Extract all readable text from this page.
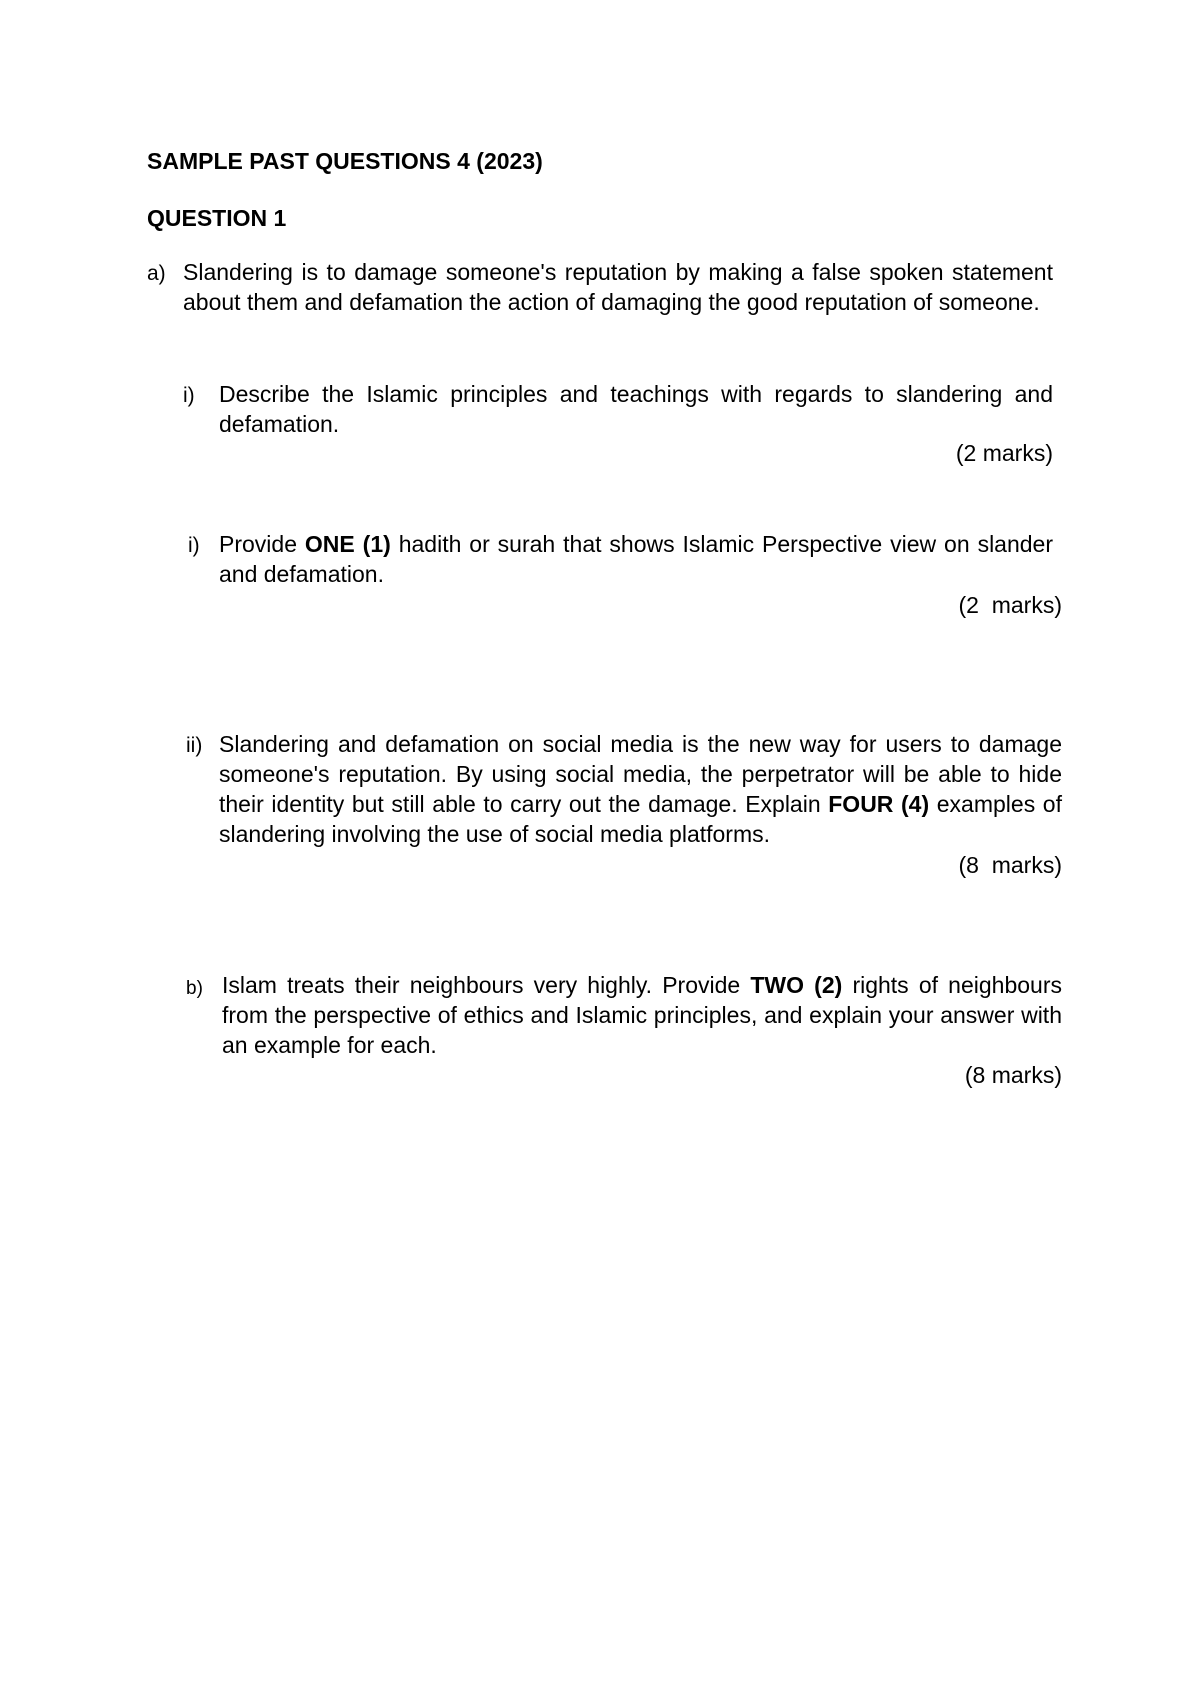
SAMPLE PAST QUESTIONS 4 (2023)
QUESTION 1
a) Slandering is to damage someone's reputation by making a false spoken statement about them and defamation the action of damaging the good reputation of someone.
i) Describe the Islamic principles and teachings with regards to slandering and defamation.
(2 marks)
i) Provide ONE (1) hadith or surah that shows Islamic Perspective view on slander and defamation.
(2  marks)
ii) Slandering and defamation on social media is the new way for users to damage someone's reputation. By using social media, the perpetrator will be able to hide their identity but still able to carry out the damage. Explain FOUR (4) examples of slandering involving the use of social media platforms.
(8  marks)
b) Islam treats their neighbours very highly. Provide TWO (2) rights of neighbours from the perspective of ethics and Islamic principles, and explain your answer with an example for each.
(8 marks)
